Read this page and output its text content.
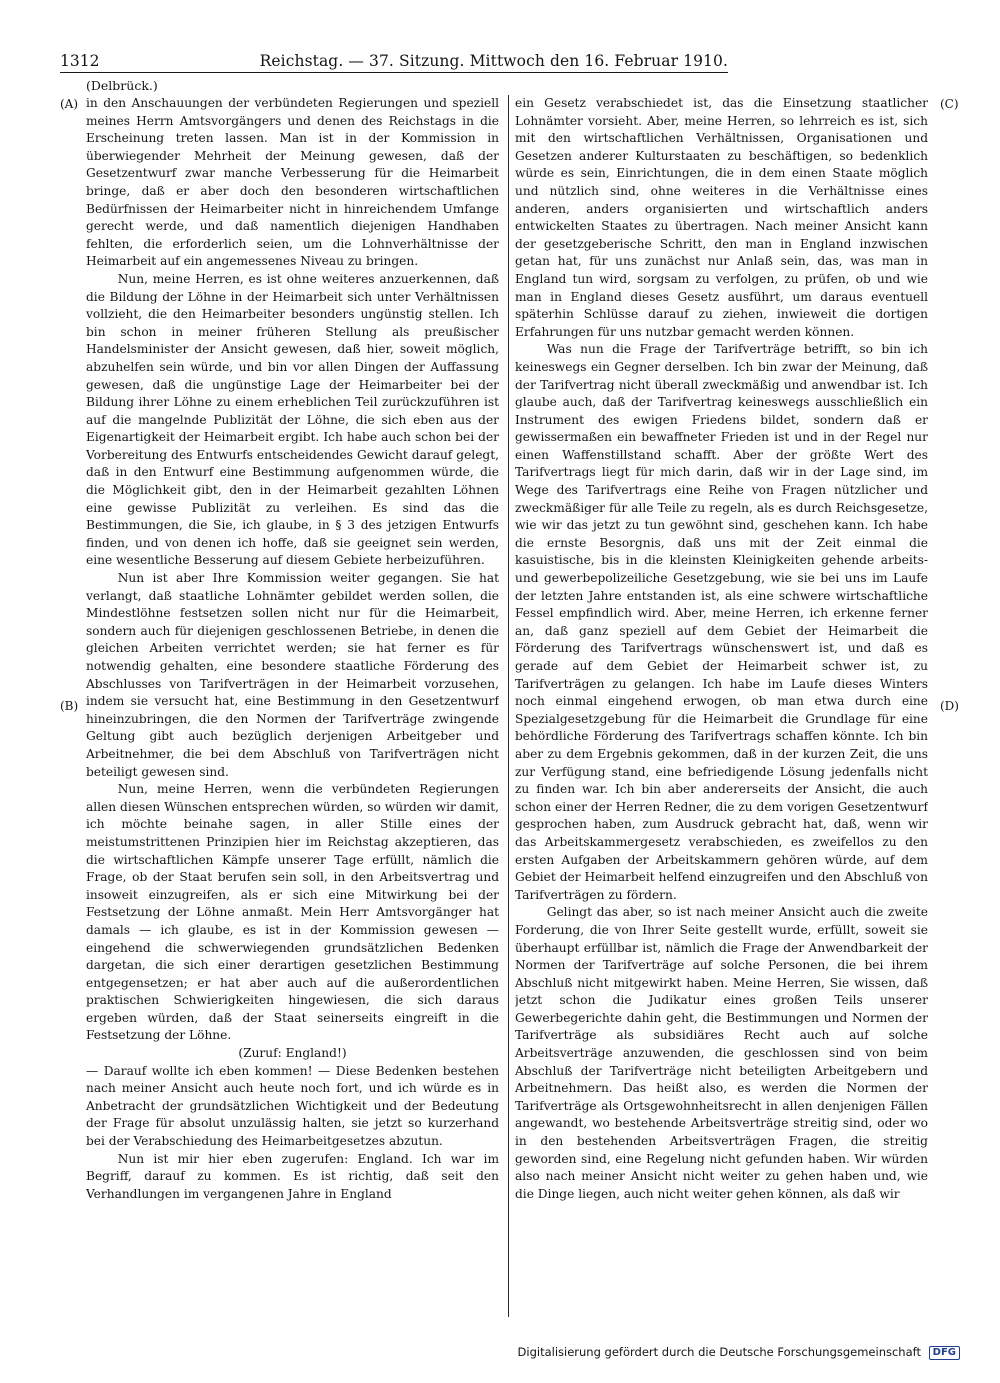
1312	Reichstag. — 37. Sitzung. Mittwoch den 16. Februar 1910.
(Delbrück.)
(A)
(B)
(C)
(D)

in den Anschauungen der verbündeten Regierungen und speziell meines Herrn Amtsvorgängers und denen des Reichstags in die Erscheinung treten lassen. Man ist in der Kommission in überwiegender Mehrheit der Meinung gewesen, daß der Gesetzentwurf zwar manche Verbesserung für die Heimarbeit bringe, daß er aber doch den besonderen wirtschaftlichen Bedürfnissen der Heimarbeiter nicht in hinreichendem Umfange gerecht werde, und daß namentlich diejenigen Handhaben fehlten, die erforderlich seien, um die Lohnverhältnisse der Heimarbeit auf ein angemessenes Niveau zu bringen.

Nun, meine Herren, es ist ohne weiteres anzuerkennen, daß die Bildung der Löhne in der Heimarbeit sich unter Verhältnissen vollzieht, die den Heimarbeiter besonders ungünstig stellen. Ich bin schon in meiner früheren Stellung als preußischer Handelsminister der Ansicht gewesen, daß hier, soweit möglich, abzuhelfen sein würde, und bin vor allen Dingen der Auffassung gewesen, daß die ungünstige Lage der Heimarbeiter bei der Bildung ihrer Löhne zu einem erheblichen Teil zurückzuführen ist auf die mangelnde Publizität der Löhne, die sich eben aus der Eigenartigkeit der Heimarbeit ergibt. Ich habe auch schon bei der Vorbereitung des Entwurfs entscheidendes Gewicht darauf gelegt, daß in den Entwurf eine Bestimmung aufgenommen würde, die die Möglichkeit gibt, den in der Heimarbeit gezahlten Löhnen eine gewisse Publizität zu verleihen. Es sind das die Bestimmungen, die Sie, ich glaube, in § 3 des jetzigen Entwurfs finden, und von denen ich hoffe, daß sie geeignet sein werden, eine wesentliche Besserung auf diesem Gebiete herbeizuführen.

Nun ist aber Ihre Kommission weiter gegangen. Sie hat verlangt, daß staatliche Lohnämter gebildet werden sollen, die Mindestlöhne festsetzen sollen nicht nur für die Heimarbeit, sondern auch für diejenigen geschlossenen Betriebe, in denen die gleichen Arbeiten verrichtet werden; sie hat ferner es für notwendig gehalten, eine besondere staatliche Förderung des Abschlusses von Tarifverträgen in der Heimarbeit vorzusehen, indem sie versucht hat, eine Bestimmung in den Gesetzentwurf hineinzubringen, die den Normen der Tarifverträge zwingende Geltung gibt auch bezüglich derjenigen Arbeitgeber und Arbeitnehmer, die bei dem Abschluß von Tarifverträgen nicht beteiligt gewesen sind.

Nun, meine Herren, wenn die verbündeten Regierungen allen diesen Wünschen entsprechen würden, so würden wir damit, ich möchte beinahe sagen, in aller Stille eines der meistumstrittenen Prinzipien hier im Reichstag akzeptieren, das die wirtschaftlichen Kämpfe unserer Tage erfüllt, nämlich die Frage, ob der Staat berufen sein soll, in den Arbeitsvertrag und insoweit einzugreifen, als er sich eine Mitwirkung bei der Festsetzung der Löhne anmaßt. Mein Herr Amtsvorgänger hat damals — ich glaube, es ist in der Kommission gewesen — eingehend die schwerwiegenden grundsätzlichen Bedenken dargetan, die sich einer derartigen gesetzlichen Bestimmung entgegensetzen; er hat aber auch auf die außerordentlichen praktischen Schwierigkeiten hingewiesen, die sich daraus ergeben würden, daß der Staat seinerseits eingreift in die Festsetzung der Löhne.

(Zuruf: England!)

— Darauf wollte ich eben kommen! — Diese Bedenken bestehen nach meiner Ansicht auch heute noch fort, und ich würde es in Anbetracht der grundsätzlichen Wichtigkeit und der Bedeutung der Frage für absolut unzulässig halten, sie jetzt so kurzerhand bei der Verabschiedung des Heimarbeitgesetzes abzutun.

Nun ist mir hier eben zugerufen: England. Ich war im Begriff, darauf zu kommen. Es ist richtig, daß seit den Verhandlungen im vergangenen Jahre in England

ein Gesetz verabschiedet ist, das die Einsetzung staatlicher Lohnämter vorsieht. Aber, meine Herren, so lehrreich es ist, sich mit den wirtschaftlichen Verhältnissen, Organisationen und Gesetzen anderer Kulturstaaten zu beschäftigen, so bedenklich würde es sein, Einrichtungen, die in dem einen Staate möglich und nützlich sind, ohne weiteres in die Verhältnisse eines anderen, anders organisierten und wirtschaftlich anders entwickelten Staates zu übertragen. Nach meiner Ansicht kann der gesetzgeberische Schritt, den man in England inzwischen getan hat, für uns zunächst nur Anlaß sein, das, was man in England tun wird, sorgsam zu verfolgen, zu prüfen, ob und wie man in England dieses Gesetz ausführt, um daraus eventuell späterhin Schlüsse darauf zu ziehen, inwieweit die dortigen Erfahrungen für uns nutzbar gemacht werden können.

Was nun die Frage der Tarifverträge betrifft, so bin ich keineswegs ein Gegner derselben. Ich bin zwar der Meinung, daß der Tarifvertrag nicht überall zweckmäßig und anwendbar ist. Ich glaube auch, daß der Tarifvertrag keineswegs ausschließlich ein Instrument des ewigen Friedens bildet, sondern daß er gewissermaßen ein bewaffneter Frieden ist und in der Regel nur einen Waffenstillstand schafft. Aber der größte Wert des Tarifvertrags liegt für mich darin, daß wir in der Lage sind, im Wege des Tarifvertrags eine Reihe von Fragen nützlicher und zweckmäßiger für alle Teile zu regeln, als es durch Reichsgesetze, wie wir das jetzt zu tun gewöhnt sind, geschehen kann. Ich habe die ernste Besorgnis, daß uns mit der Zeit einmal die kasuistische, bis in die kleinsten Kleinigkeiten gehende arbeits- und gewerbepolizeiliche Gesetzgebung, wie sie bei uns im Laufe der letzten Jahre entstanden ist, als eine schwere wirtschaftliche Fessel empfindlich wird. Aber, meine Herren, ich erkenne ferner an, daß ganz speziell auf dem Gebiet der Heimarbeit die Förderung des Tarifvertrags wünschenswert ist, und daß es gerade auf dem Gebiet der Heimarbeit schwer ist, zu Tarifverträgen zu gelangen. Ich habe im Laufe dieses Winters noch einmal eingehend erwogen, ob man etwa durch eine Spezialgesetzgebung für die Heimarbeit die Grundlage für eine behördliche Förderung des Tarifvertrags schaffen könnte. Ich bin aber zu dem Ergebnis gekommen, daß in der kurzen Zeit, die uns zur Verfügung stand, eine befriedigende Lösung jedenfalls nicht zu finden war. Ich bin aber andererseits der Ansicht, die auch schon einer der Herren Redner, die zu dem vorigen Gesetzentwurf gesprochen haben, zum Ausdruck gebracht hat, daß, wenn wir das Arbeitskammergesetz verabschieden, es zweifellos zu den ersten Aufgaben der Arbeitskammern gehören würde, auf dem Gebiet der Heimarbeit helfend einzugreifen und den Abschluß von Tarifverträgen zu fördern.

Gelingt das aber, so ist nach meiner Ansicht auch die zweite Forderung, die von Ihrer Seite gestellt wurde, erfüllt, soweit sie überhaupt erfüllbar ist, nämlich die Frage der Anwendbarkeit der Normen der Tarifverträge auf solche Personen, die bei ihrem Abschluß nicht mitgewirkt haben. Meine Herren, Sie wissen, daß jetzt schon die Judikatur eines großen Teils unserer Gewerbegerichte dahin geht, die Bestimmungen und Normen der Tarifverträge als subsidiäres Recht auch auf solche Arbeitsverträge anzuwenden, die geschlossen sind von beim Abschluß der Tarifverträge nicht beteiligten Arbeitgebern und Arbeitnehmern. Das heißt also, es werden die Normen der Tarifverträge als Ortsgewohnheitsrecht in allen denjenigen Fällen angewandt, wo bestehende Arbeitsverträge streitig sind, oder wo in den bestehenden Arbeitsverträgen Fragen, die streitig geworden sind, eine Regelung nicht gefunden haben. Wir würden also nach meiner Ansicht nicht weiter zu gehen haben und, wie die Dinge liegen, auch nicht weiter gehen können, als daß wir

Digitalisierung gefördert durch die Deutsche Forschungsgemeinschaft DFG
